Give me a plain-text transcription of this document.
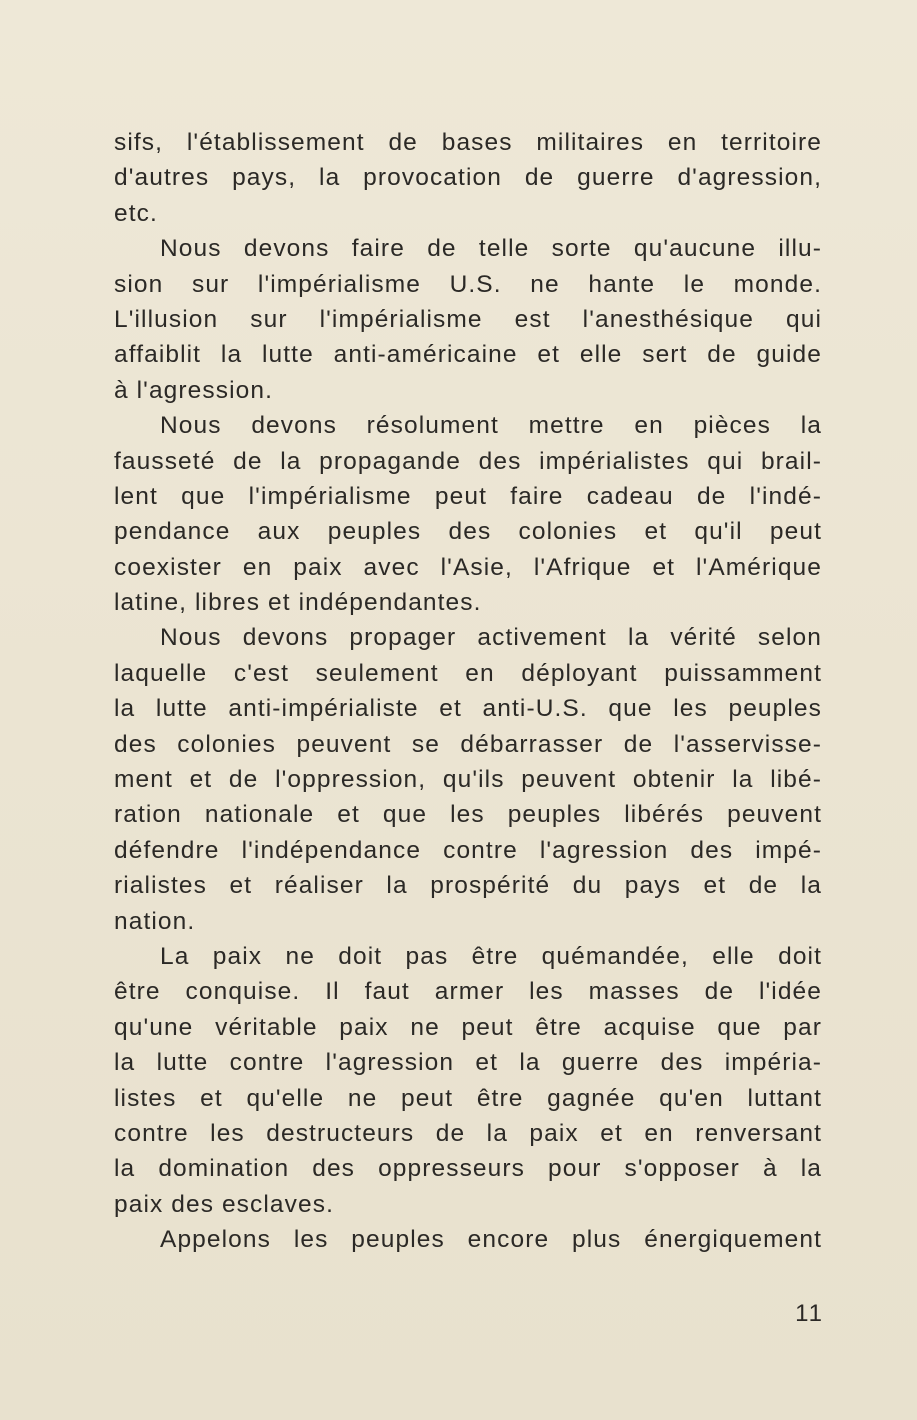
sifs, l'établissement de bases militaires en territoire
d'autres pays, la provocation de guerre d'agression,
etc.
Nous devons faire de telle sorte qu'aucune illu-
sion sur l'impérialisme U.S. ne hante le monde.
L'illusion sur l'impérialisme est l'anesthésique qui
affaiblit la lutte anti-américaine et elle sert de guide
à l'agression.
Nous devons résolument mettre en pièces la
fausseté de la propagande des impérialistes qui brail-
lent que l'impérialisme peut faire cadeau de l'indé-
pendance aux peuples des colonies et qu'il peut
coexister en paix avec l'Asie, l'Afrique et l'Amérique
latine, libres et indépendantes.
Nous devons propager activement la vérité selon
laquelle c'est seulement en déployant puissamment
la lutte anti-impérialiste et anti-U.S. que les peuples
des colonies peuvent se débarrasser de l'asservisse-
ment et de l'oppression, qu'ils peuvent obtenir la libé-
ration nationale et que les peuples libérés peuvent
défendre l'indépendance contre l'agression des impé-
rialistes et réaliser la prospérité du pays et de la
nation.
La paix ne doit pas être quémandée, elle doit
être conquise. Il faut armer les masses de l'idée
qu'une véritable paix ne peut être acquise que par
la lutte contre l'agression et la guerre des impéria-
listes et qu'elle ne peut être gagnée qu'en luttant
contre les destructeurs de la paix et en renversant
la domination des oppresseurs pour s'opposer à la
paix des esclaves.
Appelons les peuples encore plus énergiquement
11
